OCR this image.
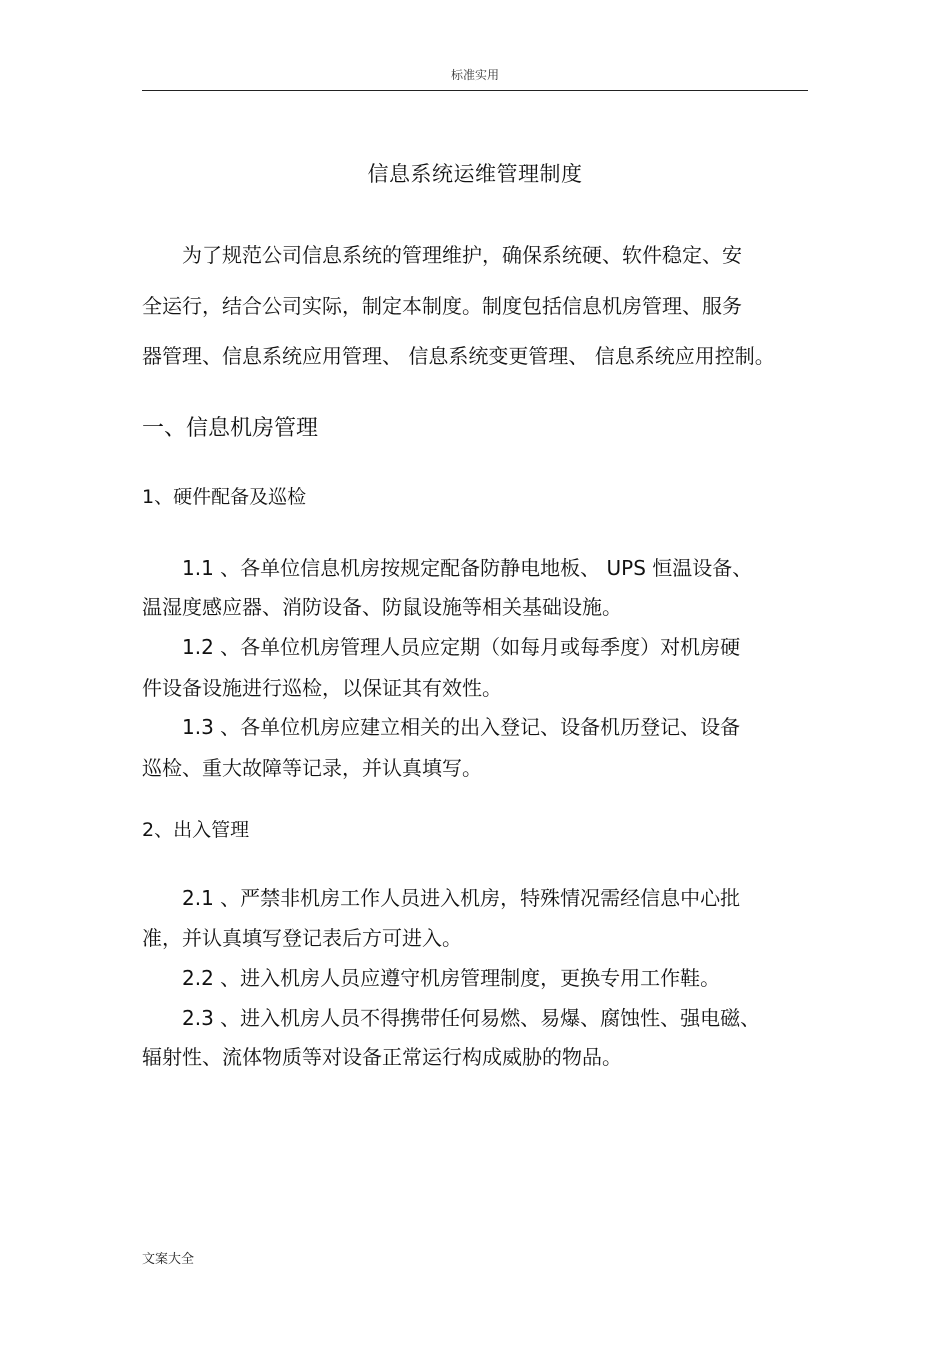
标准实用
信息系统运维管理制度
为了规范公司信息系统的管理维护，确保系统硬、软件稳定、安
全运行，结合公司实际，制定本制度。制度包括信息机房管理、服务
器管理、信息系统应用管理、 信息系统变更管理、 信息系统应用控制。
一、信息机房管理
1、硬件配备及巡检
1.1 、各单位信息机房按规定配备防静电地板、 UPS 恒温设备、
温湿度感应器、消防设备、防鼠设施等相关基础设施。
1.2 、各单位机房管理人员应定期（如每月或每季度）对机房硬
件设备设施进行巡检，以保证其有效性。
1.3 、各单位机房应建立相关的出入登记、设备机历登记、设备
巡检、重大故障等记录，并认真填写。
2、出入管理
2.1 、严禁非机房工作人员进入机房，特殊情况需经信息中心批
准，并认真填写登记表后方可进入。
2.2 、进入机房人员应遵守机房管理制度，更换专用工作鞋。
2.3 、进入机房人员不得携带任何易燃、易爆、腐蚀性、强电磁、
辐射性、流体物质等对设备正常运行构成威胁的物品。
文案大全
